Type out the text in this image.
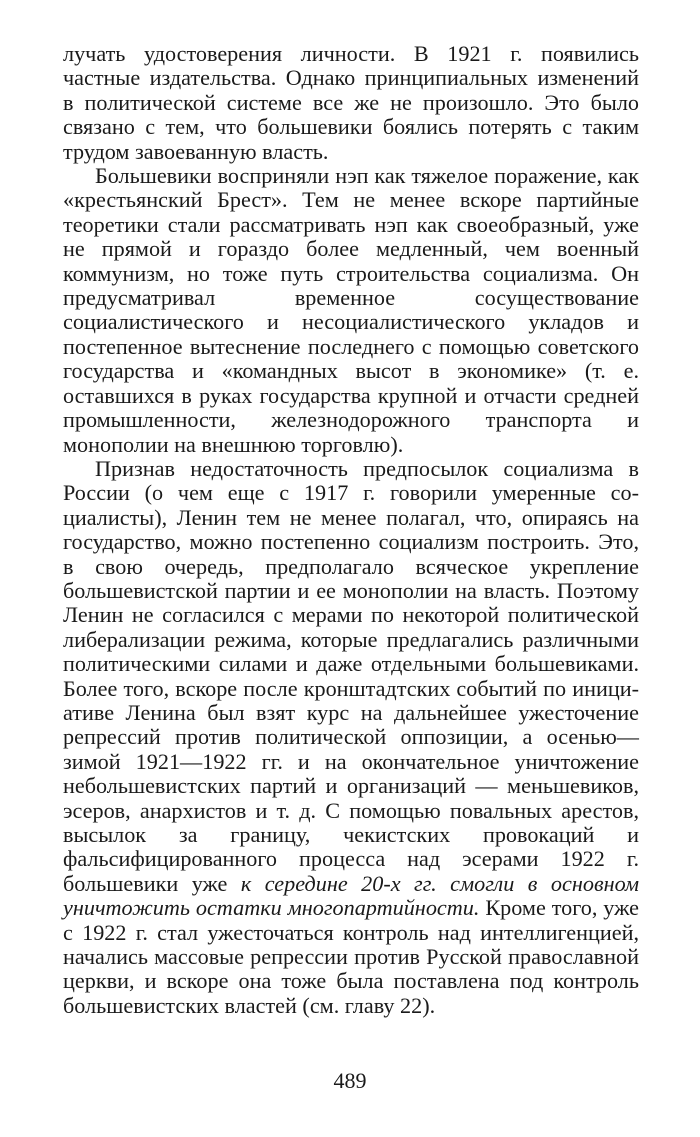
лучать удостоверения личности. В 1921 г. появились частные издательства. Однако принципиальных изменений в политической системе все же не произошло. Это было связано с тем, что большевики боялись потерять с таким трудом завоеванную власть.

Большевики восприняли нэп как тяжелое поражение, как «крестьянский Брест». Тем не менее вскоре партийные теоретики стали рассматривать нэп как своеобразный, уже не прямой и гораздо более медленный, чем военный коммунизм, но тоже путь строительства социализма. Он предусматривал временное сосуществование социалистического и несоциалистического укладов и постепенное вытеснение последнего с помощью советского государства и «командных высот в экономике» (т. е. оставшихся в руках государства крупной и отчасти средней промышленности, железнодорожного транспорта и монополии на внешнюю торговлю).

Признав недостаточность предпосылок социализма в России (о чем еще с 1917 г. говорили умеренные социалисты), Ленин тем не менее полагал, что, опираясь на государство, можно постепенно социализм построить. Это, в свою очередь, предполагало всяческое укрепление большевистской партии и ее монополии на власть. Поэтому Ленин не согласился с мерами по некоторой политической либерализации режима, которые предлагались различными политическими силами и даже отдельными большевиками. Более того, вскоре после кронштадтских событий по инициативе Ленина был взят курс на дальнейшее ужесточение репрессий против политической оппозиции, а осенью—зимой 1921—1922 гг. и на окончательное уничтожение небольшевистских партий и организаций — меньшевиков, эсеров, анархистов и т. д. С помощью повальных арестов, высылок за границу, чекистских провокаций и фальсифицированного процесса над эсерами 1922 г. большевики уже к середине 20-х гг. смогли в основном уничтожить остатки многопартийности. Кроме того, уже с 1922 г. стал ужесточаться контроль над интеллигенцией, начались массовые репрессии против Русской православной церкви, и вскоре она тоже была поставлена под контроль большевистских властей (см. главу 22).

489
